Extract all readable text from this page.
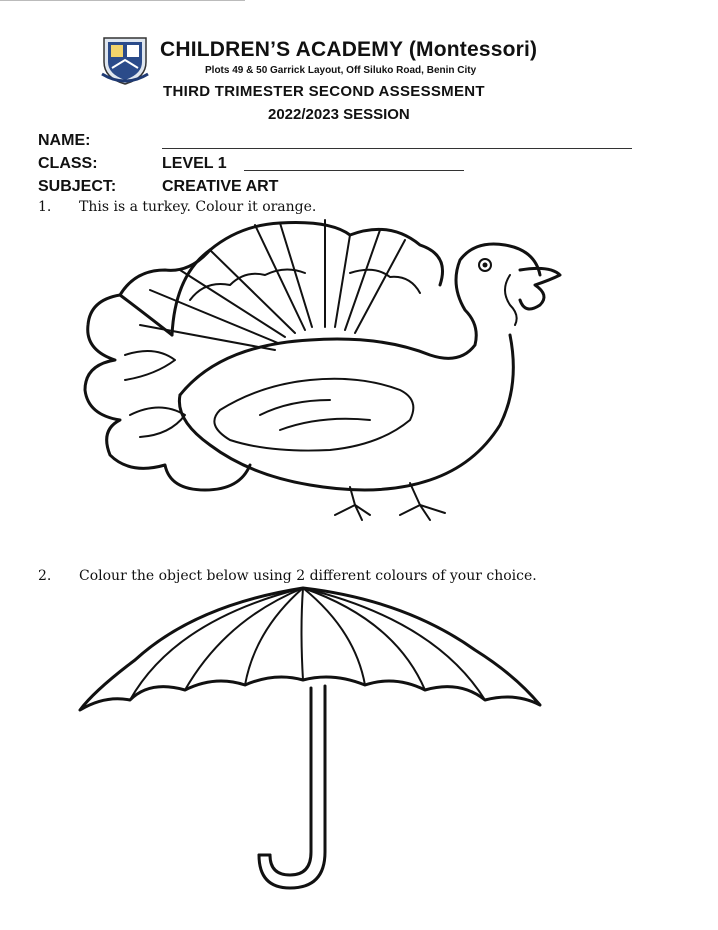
CHILDREN’S ACADEMY (Montessori)
Plots 49 & 50 Garrick Layout, Off Siluko Road, Benin City
THIRD TRIMESTER SECOND ASSESSMENT
2022/2023 SESSION
NAME:
CLASS:	LEVEL 1
SUBJECT:	CREATIVE ART
1. This is a turkey. Colour it orange.
2. Colour the object below using 2 different colours of your choice.
